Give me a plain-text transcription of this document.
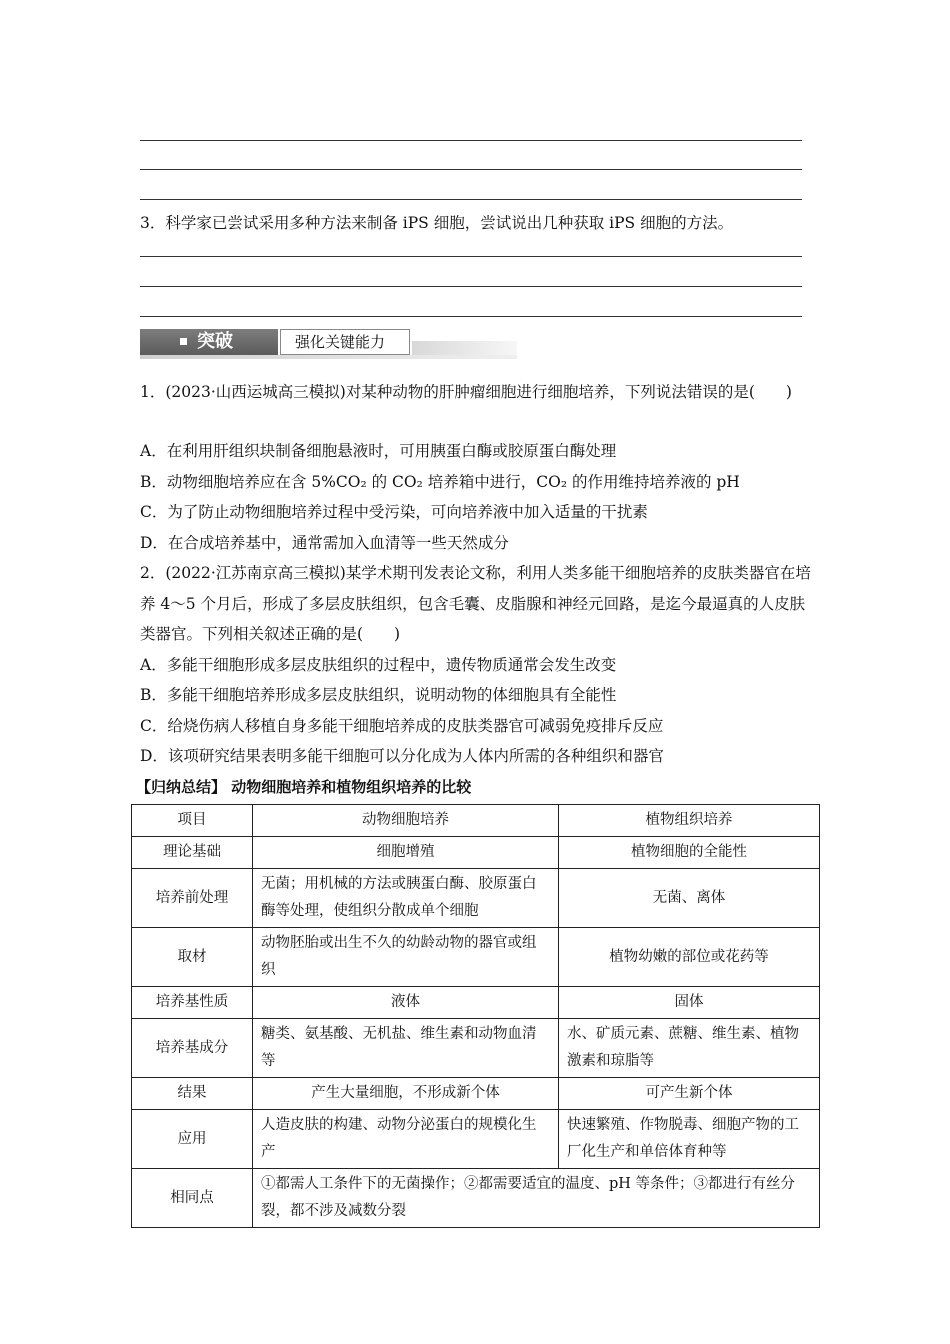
3．科学家已尝试采用多种方法来制备 iPS 细胞，尝试说出几种获取 iPS 细胞的方法。
突破	强化关键能力
1．(2023·山西运城高三模拟)对某种动物的肝肿瘤细胞进行细胞培养，下列说法错误的是(　　)
A．在利用肝组织块制备细胞悬液时，可用胰蛋白酶或胶原蛋白酶处理
B．动物细胞培养应在含 5%CO₂ 的 CO₂ 培养箱中进行，CO₂ 的作用维持培养液的 pH
C．为了防止动物细胞培养过程中受污染，可向培养液中加入适量的干扰素
D．在合成培养基中，通常需加入血清等一些天然成分
2．(2022·江苏南京高三模拟)某学术期刊发表论文称，利用人类多能干细胞培养的皮肤类器官在培养 4～5 个月后，形成了多层皮肤组织，包含毛囊、皮脂腺和神经元回路，是迄今最逼真的人皮肤类器官。下列相关叙述正确的是(　　)
A．多能干细胞形成多层皮肤组织的过程中，遗传物质通常会发生改变
B．多能干细胞培养形成多层皮肤组织，说明动物的体细胞具有全能性
C．给烧伤病人移植自身多能干细胞培养成的皮肤类器官可减弱免疫排斥反应
D．该项研究结果表明多能干细胞可以分化成为人体内所需的各种组织和器官
【归纳总结】 动物细胞培养和植物组织培养的比较
项目	动物细胞培养	植物组织培养
理论基础	细胞增殖	植物细胞的全能性
培养前处理	无菌；用机械的方法或胰蛋白酶、胶原蛋白酶等处理，使组织分散成单个细胞	无菌、离体
取材	动物胚胎或出生不久的幼龄动物的器官或组织	植物幼嫩的部位或花药等
培养基性质	液体	固体
培养基成分	糖类、氨基酸、无机盐、维生素和动物血清等	水、矿质元素、蔗糖、维生素、植物激素和琼脂等
结果	产生大量细胞，不形成新个体	可产生新个体
应用	人造皮肤的构建、动物分泌蛋白的规模化生产	快速繁殖、作物脱毒、细胞产物的工厂化生产和单倍体育种等
相同点	①都需人工条件下的无菌操作；②都需要适宜的温度、pH 等条件；③都进行有丝分裂，都不涉及减数分裂	
